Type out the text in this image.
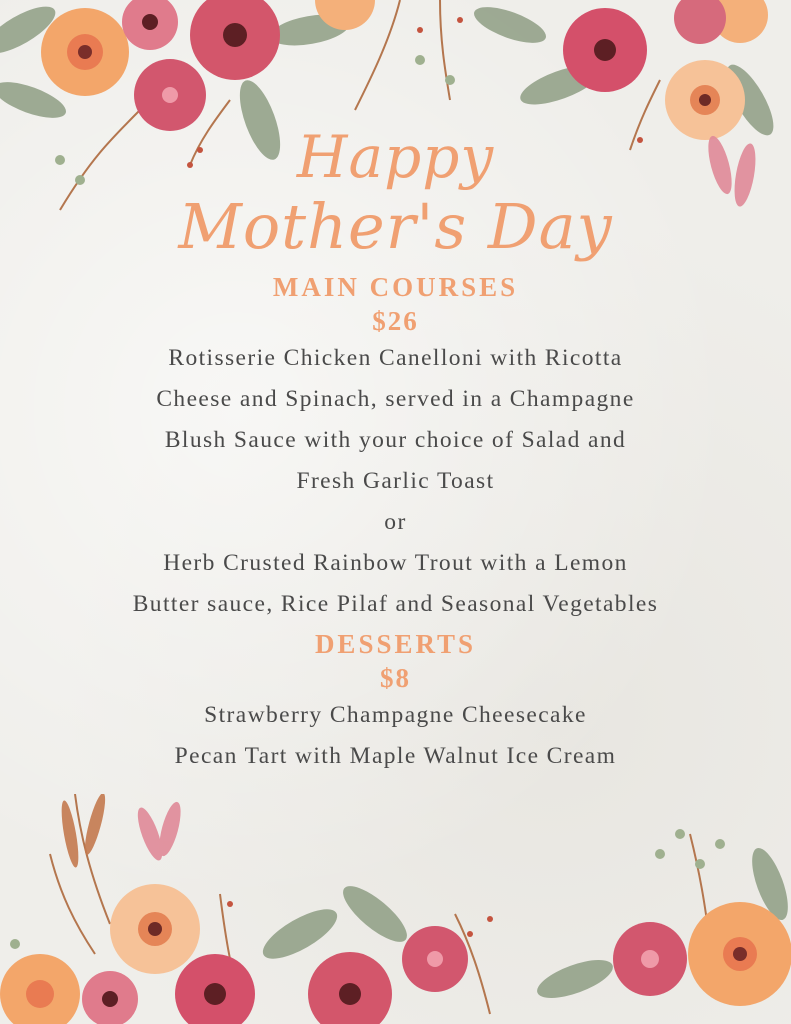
Happy
Mother's Day
MAIN COURSES
$26
Rotisserie Chicken Canelloni with Ricotta
Cheese and Spinach, served in a Champagne
Blush Sauce with your choice of Salad and
Fresh Garlic Toast
or
Herb Crusted Rainbow Trout with a Lemon
Butter sauce, Rice Pilaf and Seasonal Vegetables
DESSERTS
$8
Strawberry Champagne Cheesecake
Pecan Tart with Maple Walnut Ice Cream
